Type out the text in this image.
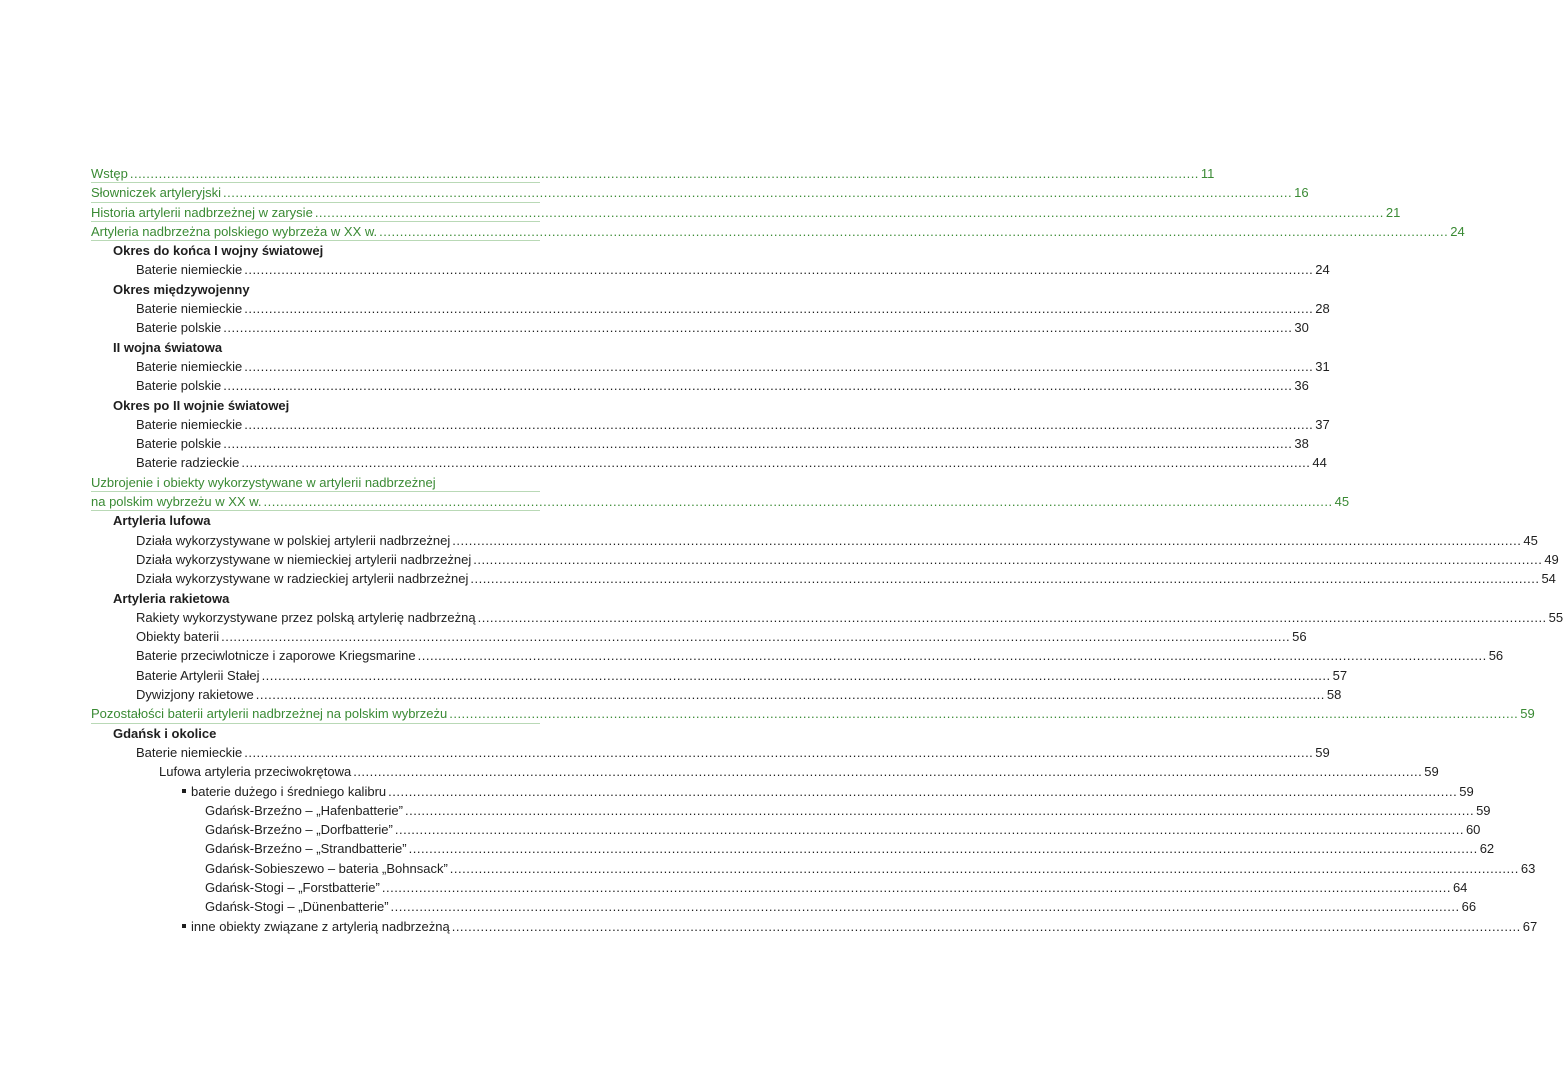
Wstęp .................................................................................................................................................................................................................................................................... 11
Słowniczek artyleryjski .................................................................................................................................................................................................................................................................... 16
Historia artylerii nadbrzeżnej w zarysie .................................................................................................................................................................................................................................................................... 21
Artyleria nadbrzeżna polskiego wybrzeża w XX w. .................................................................................................................................................................................................................................................................... 24
Okres do końca I wojny światowej
Baterie niemieckie .................................................................................................................................................................................................................................................................... 24
Okres międzywojenny
Baterie niemieckie .................................................................................................................................................................................................................................................................... 28
Baterie polskie .................................................................................................................................................................................................................................................................... 30
II wojna światowa
Baterie niemieckie .................................................................................................................................................................................................................................................................... 31
Baterie polskie .................................................................................................................................................................................................................................................................... 36
Okres po II wojnie światowej
Baterie niemieckie .................................................................................................................................................................................................................................................................... 37
Baterie polskie .................................................................................................................................................................................................................................................................... 38
Baterie radzieckie .................................................................................................................................................................................................................................................................... 44
Uzbrojenie i obiekty wykorzystywane w artylerii nadbrzeżnej
na polskim wybrzeżu w XX w. .................................................................................................................................................................................................................................................................... 45
Artyleria lufowa
Działa wykorzystywane w polskiej artylerii nadbrzeżnej .................................................................................................................................................................................................................................................................... 45
Działa wykorzystywane w niemieckiej artylerii nadbrzeżnej .................................................................................................................................................................................................................................................................... 49
Działa wykorzystywane w radzieckiej artylerii nadbrzeżnej .................................................................................................................................................................................................................................................................... 54
Artyleria rakietowa
Rakiety wykorzystywane przez polską artylerię nadbrzeżną .................................................................................................................................................................................................................................................................... 55
Obiekty baterii .................................................................................................................................................................................................................................................................... 56
Baterie przeciwlotnicze i zaporowe Kriegsmarine .................................................................................................................................................................................................................................................................... 56
Baterie Artylerii Stałej .................................................................................................................................................................................................................................................................... 57
Dywizjony rakietowe .................................................................................................................................................................................................................................................................... 58
Pozostałości baterii artylerii nadbrzeżnej na polskim wybrzeżu .................................................................................................................................................................................................................................................................... 59
Gdańsk i okolice
Baterie niemieckie .................................................................................................................................................................................................................................................................... 59
Lufowa artyleria przeciwokrętowa .................................................................................................................................................................................................................................................................... 59
baterie dużego i średniego kalibru .................................................................................................................................................................................................................................................................... 59
Gdańsk-Brzeźno – „Hafenbatterie” .................................................................................................................................................................................................................................................................... 59
Gdańsk-Brzeźno – „Dorfbatterie” .................................................................................................................................................................................................................................................................... 60
Gdańsk-Brzeźno – „Strandbatterie” .................................................................................................................................................................................................................................................................... 62
Gdańsk-Sobieszewo – bateria „Bohnsack” .................................................................................................................................................................................................................................................................... 63
Gdańsk-Stogi – „Forstbatterie” .................................................................................................................................................................................................................................................................... 64
Gdańsk-Stogi – „Dünenbatterie” .................................................................................................................................................................................................................................................................... 66
inne obiekty związane z artylerią nadbrzeżną .................................................................................................................................................................................................................................................................... 67
